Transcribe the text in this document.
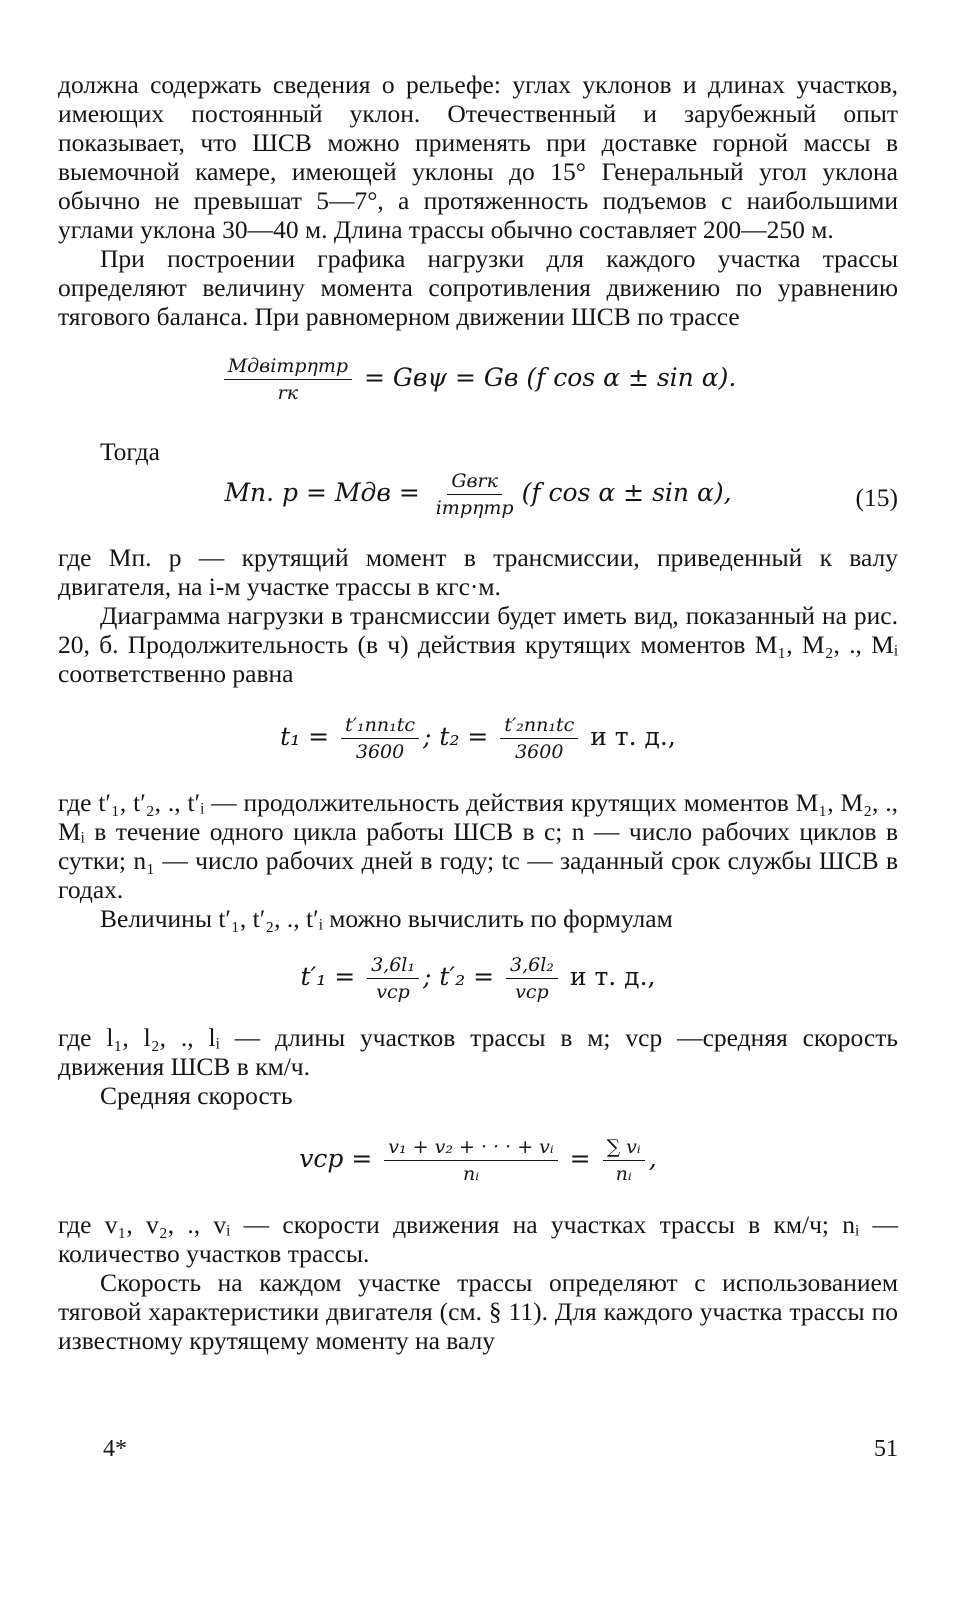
должна содержать сведения о рельефе: углах уклонов и длинах участков, имеющих постоянный уклон. Отечественный и зарубежный опыт показывает, что ШСВ можно применять при доставке горной массы в выемочной камере, имеющей уклоны до 15° Генеральный угол уклона обычно не превышат 5—7°, а протяженность подъемов с наибольшими углами уклона 30—40 м. Длина трассы обычно составляет 200—250 м.

При построении графика нагрузки для каждого участка трассы определяют величину момента сопротивления движению по уравнению тягового баланса. При равномерном движении ШСВ по трассе

$\frac{\text{Mдвiтрηтр}}{rк} = Gв\psi$ = Gв (f cos α ± sin α).
Тогда
Mп. р = Mдв = $\frac{\text{Gвrк}}{\text{iтрηтр}} (f$ cos α ± sin α),	(15)

где Mп. р — крутящий момент в трансмиссии, приведенный к валу двигателя, на i-м участке трассы в кгс·м.

Диаграмма нагрузки в трансмиссии будет иметь вид, показанный на рис. 20, б. Продолжительность (в ч) действия крутящих моментов M₁, M₂, ., Mᵢ соответственно равна

$t_1 = \frac{\text{t′₁nn₁tс}}{3600}$ ; $t_2 = \frac{\text{t′₂nn₁tс}}{3600}$ и т. д.,

где t′₁, t′₂, ., t′ᵢ — продолжительность действия крутящих моментов M₁, M₂, ., Mᵢ в течение одного цикла работы ШСВ в с; n — число рабочих циклов в сутки; n₁ — число рабочих дней в году; tс — заданный срок службы ШСВ в годах.

Величины t′₁, t′₂, ., t′ᵢ можно вычислить по формулам

$t'_1 = \frac{\text{3,6l₁}}{\text{vср}}$ ; $t'_2 = \frac{\text{3,6l₂}}{\text{vср}}$ и т. д.,

где l₁, l₂, ., lᵢ — длины участков трассы в м; vср —средняя скорость движения ШСВ в км/ч.

Средняя скорость

vср = $\frac{\text{v₁ + v₂ + · · · + vᵢ}}{\text{nᵢ}} = \frac{\text{∑ vᵢ}}{\text{nᵢ}}$ ,

где v₁, v₂, ., vᵢ — скорости движения на участках трассы в км/ч; nᵢ — количество участков трассы.

Скорость на каждом участке трассы определяют с использованием тяговой характеристики двигателя (см. § 11). Для каждого участка трассы по известному крутящему моменту на валу

4*	51
